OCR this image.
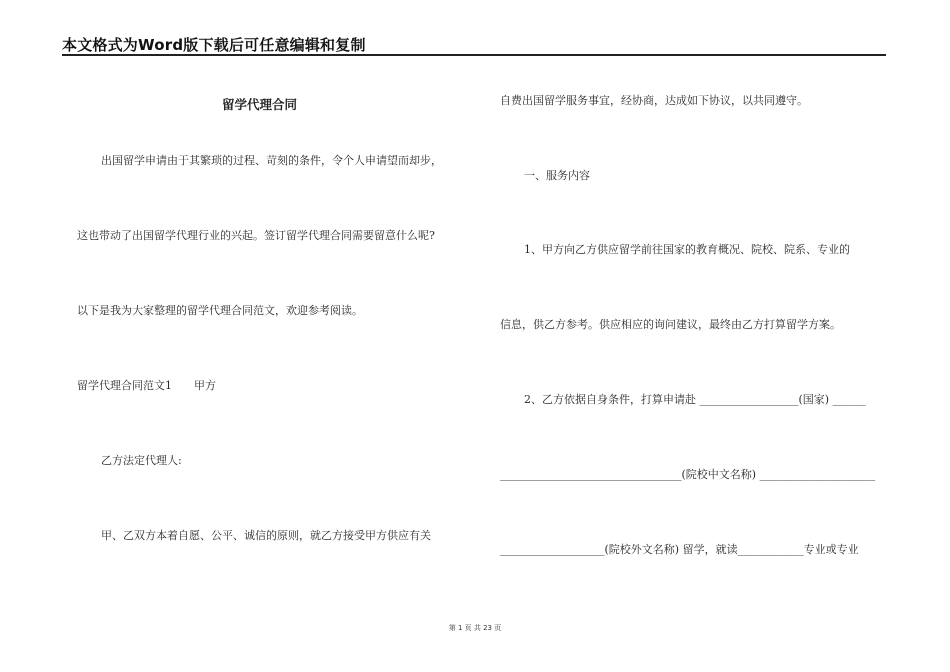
本文格式为Word版下载后可任意编辑和复制
留学代理合同
出国留学申请由于其繁琐的过程、苛刻的条件，令个人申请望而却步，
这也带动了出国留学代理行业的兴起。签订留学代理合同需要留意什么呢?
以下是我为大家整理的留学代理合同范文，欢迎参考阅读。
留学代理合同范文1　　甲方
乙方法定代理人:
甲、乙双方本着自愿、公平、诚信的原则，就乙方接受甲方供应有关
自费出国留学服务事宜，经协商，达成如下协议，以共同遵守。
一、服务内容
1、甲方向乙方供应留学前往国家的教育概况、院校、院系、专业的
信息，供乙方参考。供应相应的询问建议，最终由乙方打算留学方案。
2、乙方依据自身条件，打算申请赴 __________________(国家) ______
_________________________________(院校中文名称) _____________________
___________________(院校外文名称) 留学，就读____________专业或专业
第 1 页 共 23 页
